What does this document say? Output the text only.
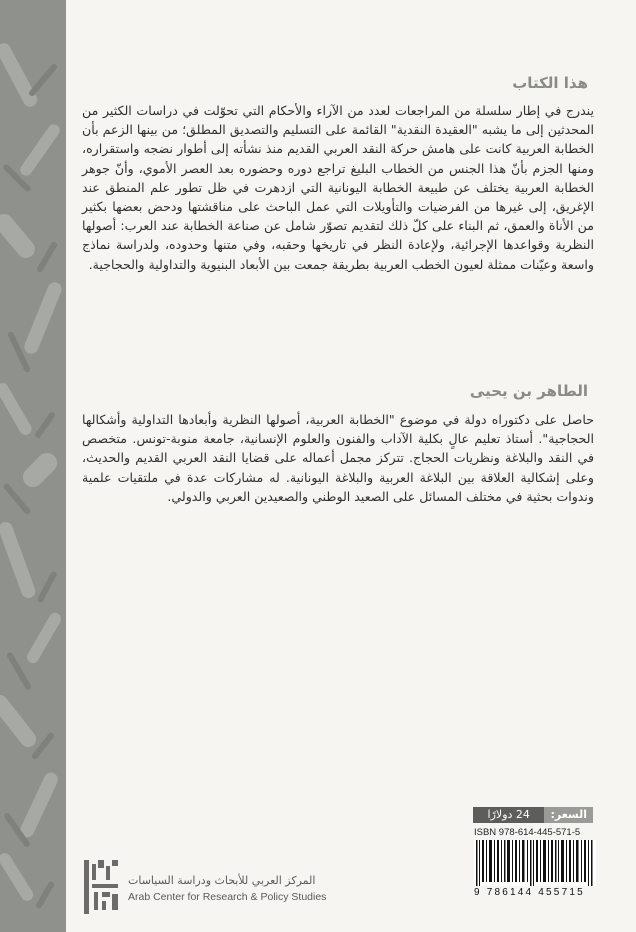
هذا الكتاب

يندرج في إطار سلسلة من المراجعات لعدد من الآراء والأحكام التي تحوّلت في دراسات الكثير من المحدثين إلى ما يشبه "العقيدة النقدية" القائمة على التسليم والتصديق المطلق؛ من بينها الزعم بأن الخطابة العربية كانت على هامش حركة النقد العربي القديم منذ نشأته إلى أطوار نضجه واستقراره، ومنها الجزم بأنّ هذا الجنس من الخطاب البليغ تراجع دوره وحضوره بعد العصر الأموي، وأنّ جوهر الخطابة العربية يختلف عن طبيعة الخطابة اليونانية التي ازدهرت في ظل تطور علم المنطق عند الإغريق، إلى غيرها من الفرضيات والتأويلات التي عمل الباحث على مناقشتها ودحض بعضها بكثير من الأناة والعمق، ثم البناء على كلّ ذلك لتقديم تصوّر شامل عن صناعة الخطابة عند العرب: أصولها النظرية وقواعدها الإجرائية، ولإعادة النظر في تاريخها وحقبه، وفي متنها وحدوده، ولدراسة نماذج واسعة وعيّنات ممثلة لعيون الخطب العربية بطريقة جمعت بين الأبعاد البنيوية والتداولية والحجاجية.

الطاهر بن يحيى

حاصل على دكتوراه دولة في موضوع "الخطابة العربية، أصولها النظرية وأبعادها التداولية وأشكالها الحجاجية". أستاذ تعليم عالٍ بكلية الآداب والفنون والعلوم الإنسانية، جامعة منوبة-تونس. متخصص في النقد والبلاغة ونظريات الحجاج. تتركز مجمل أعماله على قضايا النقد العربي القديم والحديث، وعلى إشكالية العلاقة بين البلاغة العربية والبلاغة اليونانية. له مشاركات عدة في ملتقيات علمية وندوات بحثية في مختلف المسائل على الصعيد الوطني والصعيدين العربي والدولي.

السعر:
24 دولارًا
ISBN 978-614-445-571-5
9 786144 455715
المركز العربي للأبحاث ودراسة السياسات
Arab Center for Research & Policy Studies
